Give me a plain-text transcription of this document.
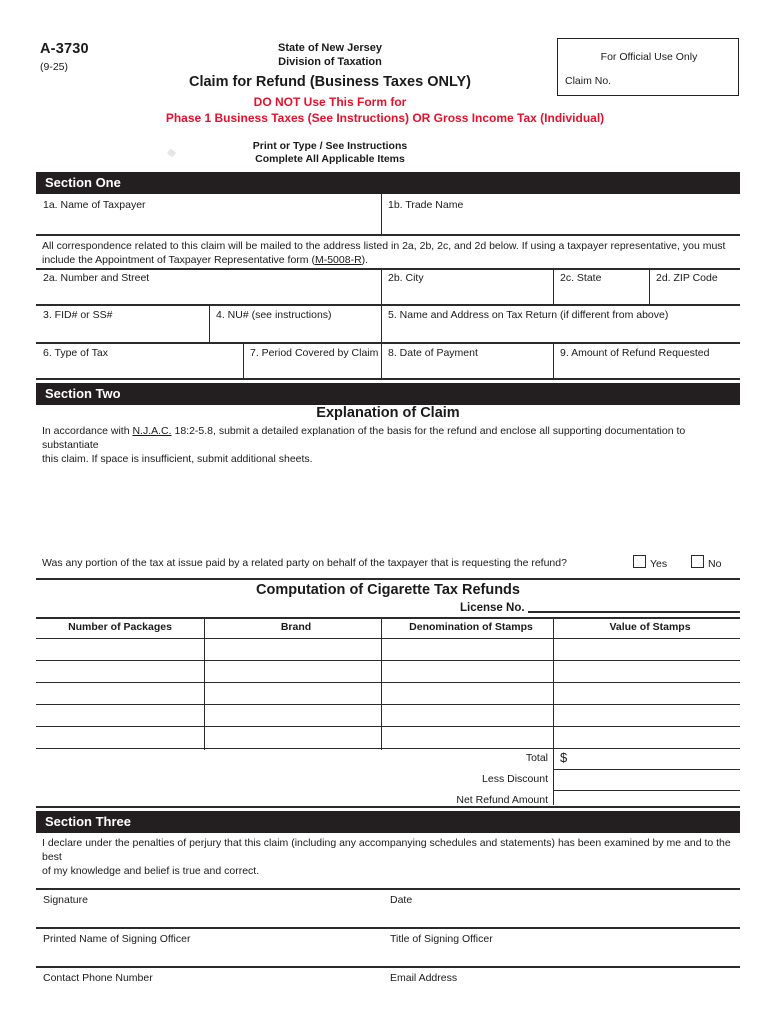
A-3730
(9-25)
State of New Jersey
Division of Taxation
Claim for Refund (Business Taxes ONLY)
DO NOT Use This Form for
Phase 1 Business Taxes (See Instructions) OR Gross Income Tax (Individual)
Print or Type / See Instructions
Complete All Applicable Items
For Official Use Only
Claim No.
Section One
1a. Name of Taxpayer	1b. Trade Name
All correspondence related to this claim will be mailed to the address listed in 2a, 2b, 2c, and 2d below. If using a taxpayer representative, you must
include the Appointment of Taxpayer Representative form (M-5008-R).
2a. Number and Street	2b. City	2c. State	2d. ZIP Code
3. FID# or SS#	4. NU# (see instructions)	5. Name and Address on Tax Return (if different from above)
6. Type of Tax	7. Period Covered by Claim 8. Date of Payment	9. Amount of Refund Requested
Section Two
Explanation of Claim
In accordance with N.J.A.C. 18:2-5.8, submit a detailed explanation of the basis for the refund and enclose all supporting documentation to substantiate
this claim. If space is insufficient, submit additional sheets.
Was any portion of the tax at issue paid by a related party on behalf of the taxpayer that is requesting the refund?	Yes	No
Computation of Cigarette Tax Refunds
License No.
Number of Packages	Brand	Denomination of Stamps	Value of Stamps
Total $
Less Discount
Net Refund Amount
Section Three
I declare under the penalties of perjury that this claim (including any accompanying schedules and statements) has been examined by me and to the best
of my knowledge and belief is true and correct.
Signature	Date
Printed Name of Signing Officer	Title of Signing Officer
Contact Phone Number	Email Address
